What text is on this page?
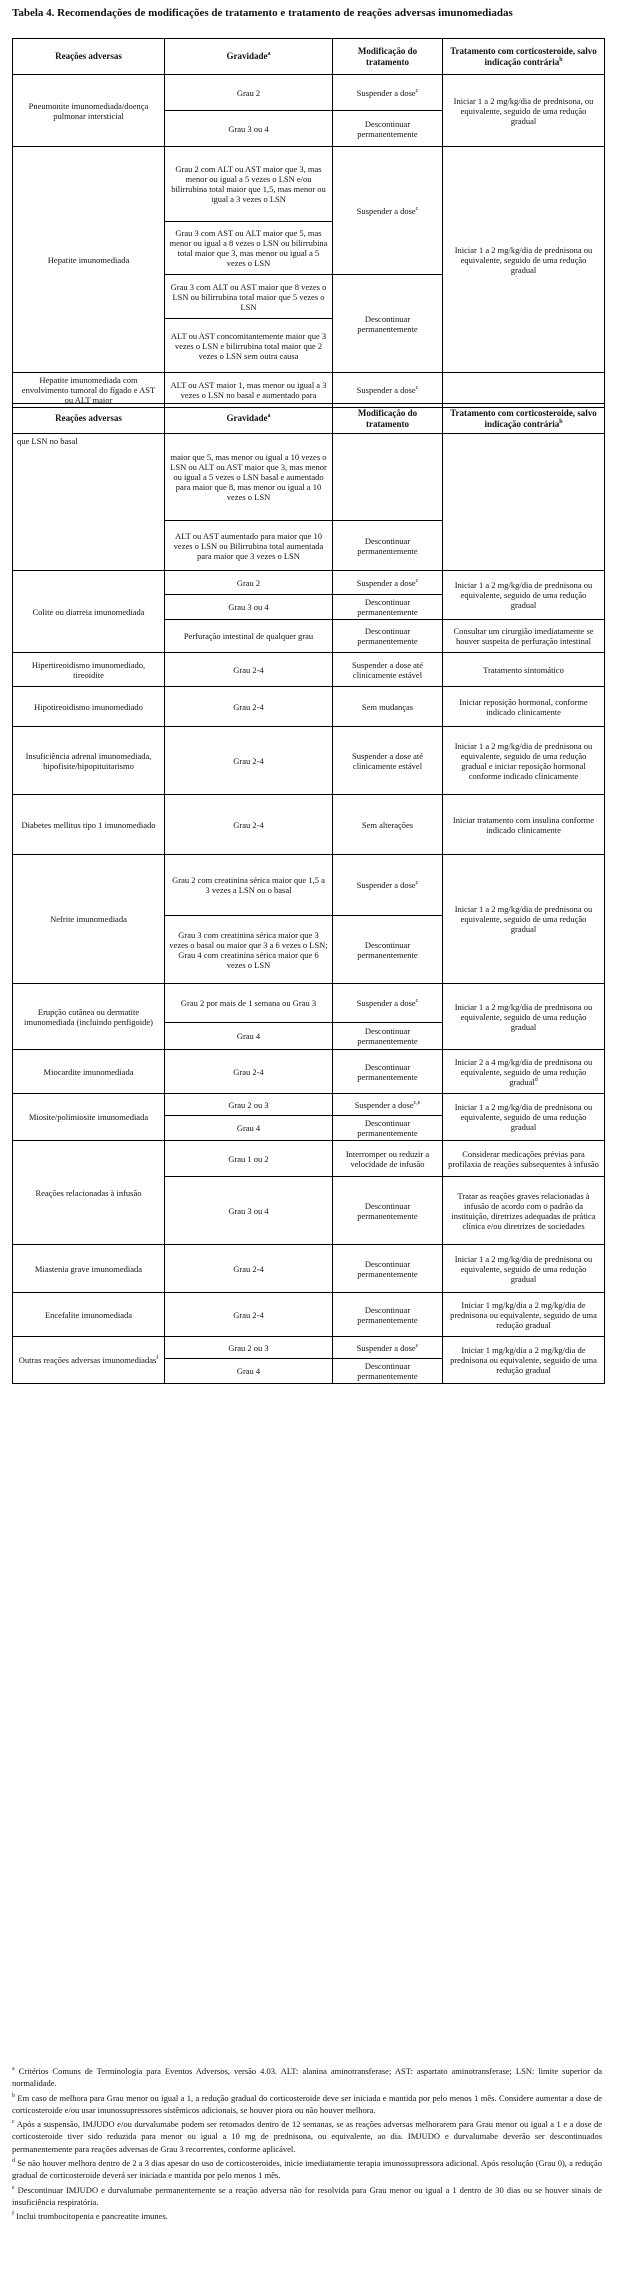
Tabela 4. Recomendações de modificações de tratamento e tratamento de reações adversas imunomediadas
Reações adversas	Gravidade$^a$	Modificação do tratamento	Tratamento com corticosteroide, salvo indicação contrária$^b$
Pneumonite imunomediada/doença pulmonar intersticial	Grau 2	Suspender a dose$^c$	Iniciar 1 a 2 mg/kg/dia de prednisona, ou equivalente, seguido de uma redução gradual
	Grau 3 ou 4	Descontinuar permanentemente	
Hepatite imunomediada	Grau 2 com ALT ou AST maior que 3, mas menor ou igual a 5 vezes o LSN e/ou bilirrubina total maior que 1,5, mas menor ou igual a 3 vezes o LSN	Suspender a dose$^c$	Iniciar 1 a 2 mg/kg/dia de prednisona ou equivalente, seguido de uma redução gradual
	Grau 3 com AST ou ALT maior que 5, mas menor ou igual a 8 vezes o LSN ou bilirrubina total maior que 3, mas menor ou igual a 5 vezes o LSN		
	Grau 3 com ALT ou AST maior que 8 vezes o LSN ou bilirrubina total maior que 5 vezes o LSN	Descontinuar permanentemente	
	ALT ou AST concomitantemente maior que 3 vezes o LSN e bilirrubina total maior que 2 vezes o LSN sem outra causa		
Hepatite imunomediada com envolvimento tumoral do fígado e AST ou ALT maior	ALT ou AST maior 1, mas menor ou igual a 3 vezes o LSN no basal e aumentado para	Suspender a dose$^c$	
Reações adversas	Gravidade$^a$	Modificação do tratamento	Tratamento com corticosteroide, salvo indicação contrária$^b$
que LSN no basal	maior que 5, mas menor ou igual a 10 vezes o LSN ou ALT ou AST maior que 3, mas menor ou igual a 5 vezes o LSN basal e aumentado para maior que 8, mas menor ou igual a 10 vezes o LSN		
	ALT ou AST aumentado para maior que 10 vezes o LSN ou Bilirrubina total aumentada para maior que 3 vezes o LSN	Descontinuar permanentemente	
Colite ou diarreia imunomediada	Grau 2	Suspender a dose$^c$	Iniciar 1 a 2 mg/kg/dia de prednisona ou equivalente, seguido de uma redução gradual
	Grau 3 ou 4	Descontinuar permanentemente	
	Perfuração intestinal de qualquer grau	Descontinuar permanentemente	Consultar um cirurgião imediatamente se houver suspeita de perfuração intestinal
Hipertireoidismo imunomediado, tireoidite	Grau 2-4	Suspender a dose até clinicamente estável	Tratamento sintomático
Hipotireoidismo imunomediado	Grau 2-4	Sem mudanças	Iniciar reposição hormonal, conforme indicado clinicamente
Insuficiência adrenal imunomediada, hipofisite/hipopituitarismo	Grau 2-4	Suspender a dose até clinicamente estável	Iniciar 1 a 2 mg/kg/dia de prednisona ou equivalente, seguido de uma redução gradual e iniciar reposição hormonal conforme indicado clinicamente
Diabetes mellitus tipo 1 imunomediado	Grau 2-4	Sem alterações	Iniciar tratamento com insulina conforme indicado clinicamente
Nefrite imunomediada	Grau 2 com creatinina sérica maior que 1,5 a 3 vezes a LSN ou o basal	Suspender a dose$^c$	Iniciar 1 a 2 mg/kg/dia de prednisona ou equivalente, seguido de uma redução gradual
	Grau 3 com creatinina sérica maior que 3 vezes o basal ou maior que 3 a 6 vezes o LSN; Grau 4 com creatinina sérica maior que 6 vezes o LSN	Descontinuar permanentemente	
Erupção cutânea ou dermatite imunomediada (incluindo penfigoide)	Grau 2 por mais de 1 semana ou Grau 3	Suspender a dose$^c$	Iniciar 1 a 2 mg/kg/dia de prednisona ou equivalente, seguido de uma redução gradual
	Grau 4	Descontinuar permanentemente	
Miocardite imunomediada	Grau 2-4	Descontinuar permanentemente	Iniciar 2 a 4 mg/kg/dia de prednisona ou equivalente, seguido de uma redução gradual$^d$
Miosite/polimiosite imunomediada	Grau 2 ou 3	Suspender a dose$^{c,e}$	Iniciar 1 a 2 mg/kg/dia de prednisona ou equivalente, seguido de uma redução gradual
	Grau 4	Descontinuar permanentemente	
Reações relacionadas à infusão	Grau 1 ou 2	Interromper ou reduzir a velocidade de infusão	Considerar medicações prévias para profilaxia de reações subsequentes à infusão
	Grau 3 ou 4	Descontinuar permanentemente	Tratar as reações graves relacionadas à infusão de acordo com o padrão da instituição, diretrizes adequadas de prática clínica e/ou diretrizes de sociedades
Miastenia grave imunomediada	Grau 2-4	Descontinuar permanentemente	Iniciar 1 a 2 mg/kg/dia de prednisona ou equivalente, seguido de uma redução gradual
Encefalite imunomediada	Grau 2-4	Descontinuar permanentemente	Iniciar 1 mg/kg/dia a 2 mg/kg/dia de prednisona ou equivalente, seguido de uma redução gradual
Outras reações adversas imunomediadas$^f$	Grau 2 ou 3	Suspender a dose$^c$	Iniciar 1 mg/kg/dia a 2 mg/kg/dia de prednisona ou equivalente, seguido de uma redução gradual
	Grau 4	Descontinuar permanentemente	

$^a$ Critérios Comuns de Terminologia para Eventos Adversos, versão 4.03. ALT: alanina aminotransferase; AST: aspartato aminotransferase; LSN: limite superior da normalidade.

$^b$ Em caso de melhora para Grau menor ou igual a 1, a redução gradual do corticosteroide deve ser iniciada e mantida por pelo menos 1 mês. Considere aumentar a dose de corticosteroide e/ou usar imunossupressores sistêmicos adicionais, se houver piora ou não houver melhora.

$^c$ Após a suspensão, IMJUDO e/ou durvalumabe podem ser retomados dentro de 12 semanas, se as reações adversas melhorarem para Grau menor ou igual a 1 e a dose de corticosteroide tiver sido reduzida para menor ou igual a 10 mg de prednisona, ou equivalente, ao dia. IMJUDO e durvalumabe deverão ser descontinuados permanentemente para reações adversas de Grau 3 recorrentes, conforme aplicável.

$^d$ Se não houver melhora dentro de 2 a 3 dias apesar do uso de corticosteroides, inicie imediatamente terapia imunossupressora adicional. Após resolução (Grau 0), a redução gradual de corticosteroide deverá ser iniciada e mantida por pelo menos 1 mês.

$^e$ Descontinuar IMJUDO e durvalumabe permanentemente se a reação adversa não for resolvida para Grau menor ou igual a 1 dentro de 30 dias ou se houver sinais de insuficiência respiratória.

$^f$ Inclui trombocitopenia e pancreatite imunes.
